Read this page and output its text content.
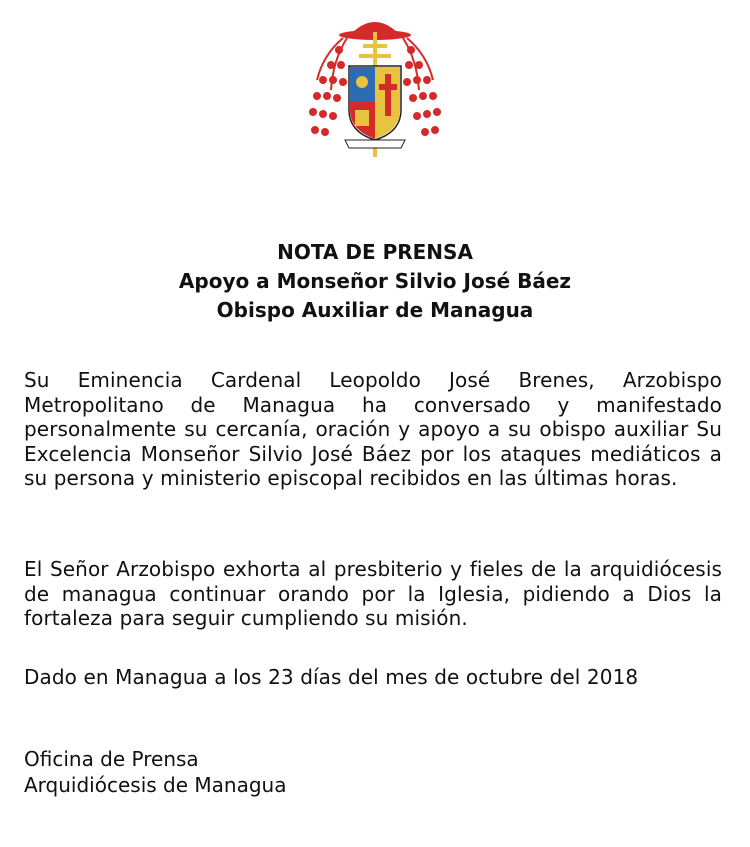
NOTA DE PRENSA
Apoyo a Monseñor Silvio José Báez
Obispo Auxiliar de Managua
Su Eminencia Cardenal Leopoldo José Brenes, Arzobispo Metropolitano de Managua ha conversado y manifestado personalmente su cercanía, oración y apoyo a su obispo auxiliar Su Excelencia Monseñor Silvio José Báez por los ataques mediáticos a su persona y ministerio episcopal recibidos en las últimas horas.
El Señor Arzobispo exhorta al presbiterio y fieles de la arquidiócesis de managua continuar orando por la Iglesia, pidiendo a Dios la fortaleza para seguir cumpliendo su misión.
Dado en Managua a los 23 días del mes de octubre del 2018
Oficina de Prensa
Arquidiócesis de Managua
